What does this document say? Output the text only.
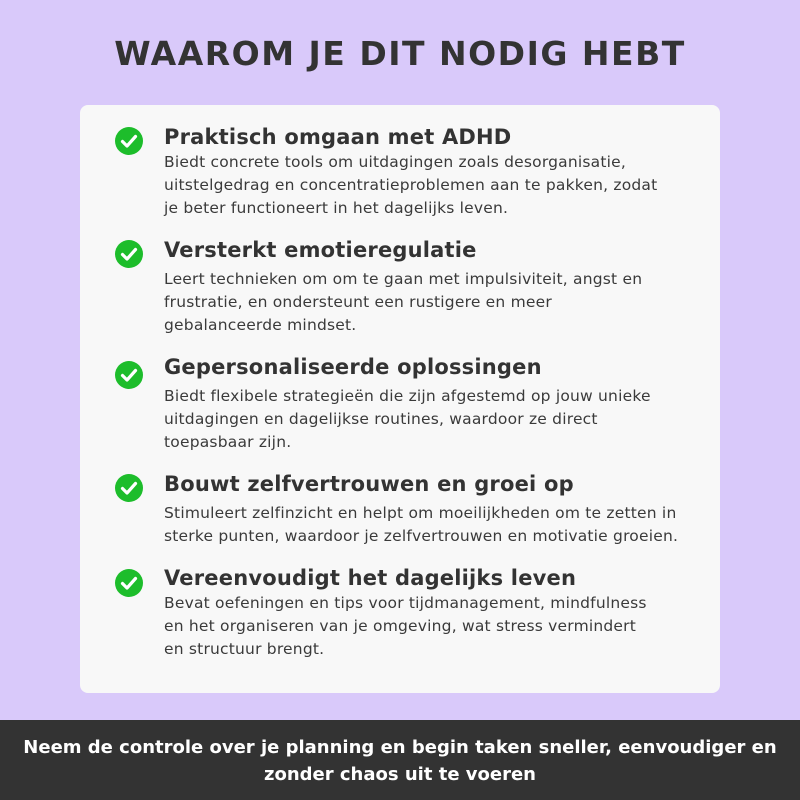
WAAROM JE DIT NODIG HEBT
Praktisch omgaan met ADHD
Biedt concrete tools om uitdagingen zoals desorganisatie,
uitstelgedrag en concentratieproblemen aan te pakken, zodat
je beter functioneert in het dagelijks leven.
Versterkt emotieregulatie
Leert technieken om om te gaan met impulsiviteit, angst en
frustratie, en ondersteunt een rustigere en meer
gebalanceerde mindset.
Gepersonaliseerde oplossingen
Biedt flexibele strategieën die zijn afgestemd op jouw unieke
uitdagingen en dagelijkse routines, waardoor ze direct
toepasbaar zijn.
Bouwt zelfvertrouwen en groei op
Stimuleert zelfinzicht en helpt om moeilijkheden om te zetten in
sterke punten, waardoor je zelfvertrouwen en motivatie groeien.
Vereenvoudigt het dagelijks leven
Bevat oefeningen en tips voor tijdmanagement, mindfulness
en het organiseren van je omgeving, wat stress vermindert
en structuur brengt.
Neem de controle over je planning en begin taken sneller, eenvoudiger en
zonder chaos uit te voeren
